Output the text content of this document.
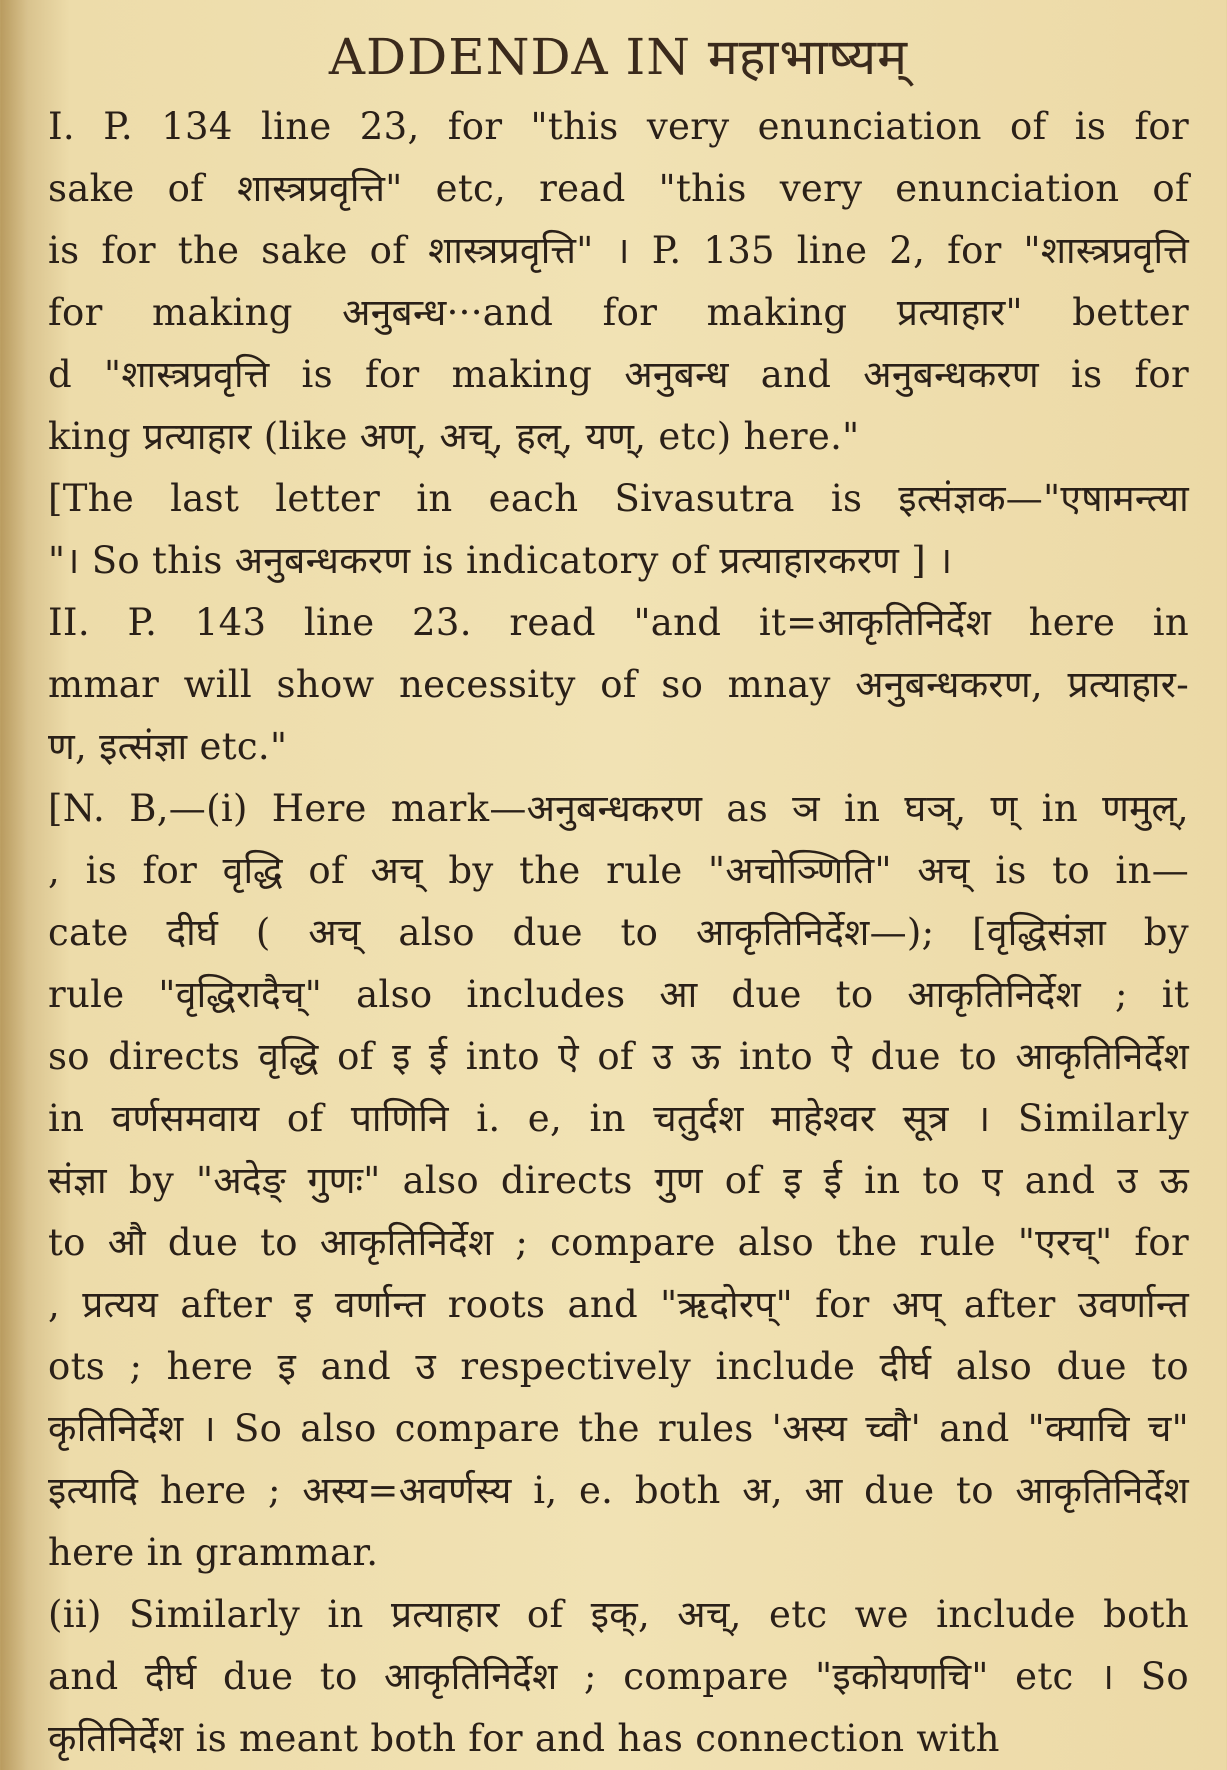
ADDENDA IN महाभाष्यम्
I. P. 134 line 23, for "this very enunciation of is for
sake of शास्त्रप्रवृत्ति" etc, read "this very enunciation of
is for the sake of शास्त्रप्रवृत्ति" । P. 135 line 2, for "शास्त्रप्रवृत्ति
for making अनुबन्ध···and for making प्रत्याहार" better
d "शास्त्रप्रवृत्ति is for making अनुबन्ध and अनुबन्धकरण is for
king प्रत्याहार (like अण्, अच्, हल्, यण्, etc) here."
[The last letter in each Sivasutra is इत्संज्ञक—"एषामन्त्या
"। So this अनुबन्धकरण is indicatory of प्रत्याहारकरण ] ।
II. P. 143 line 23. read "and it=आकृतिनिर्देश here in
mmar will show necessity of so mnay अनुबन्धकरण, प्रत्याहार-
ण, इत्संज्ञा etc."
[N. B,—(i) Here mark—अनुबन्धकरण as ञ in घञ्, ण् in णमुल्,
, is for वृद्धि of अच् by the rule "अचोञ्णिति" अच् is to in—
cate दीर्घ ( अच् also due to आकृतिनिर्देश—); [वृद्धिसंज्ञा by
rule "वृद्धिरादैच्" also includes आ due to आकृतिनिर्देश ; it
so directs वृद्धि of इ ई into ऐ of उ ऊ into ऐ due to आकृतिनिर्देश
in वर्णसमवाय of पाणिनि i. e, in चतुर्दश माहेश्वर सूत्र । Similarly
संज्ञा by "अदेङ् गुणः" also directs गुण of इ ई in to ए and उ ऊ
to औ due to आकृतिनिर्देश ; compare also the rule "एरच्" for
, प्रत्यय after इ वर्णान्त roots and "ऋदोरप्" for अप् after उवर्णान्त
ots ; here इ and उ respectively include दीर्घ also due to
कृतिनिर्देश । So also compare the rules 'अस्य च्वौ' and "क्याचि च"
इत्यादि here ; अस्य=अवर्णस्य i, e. both अ, आ due to आकृतिनिर्देश
here in grammar.
(ii) Similarly in प्रत्याहार of इक्, अच्, etc we include both
and दीर्घ due to आकृतिनिर्देश ; compare "इकोयणचि" etc । So
कृतिनिर्देश is meant both for and has connection with
